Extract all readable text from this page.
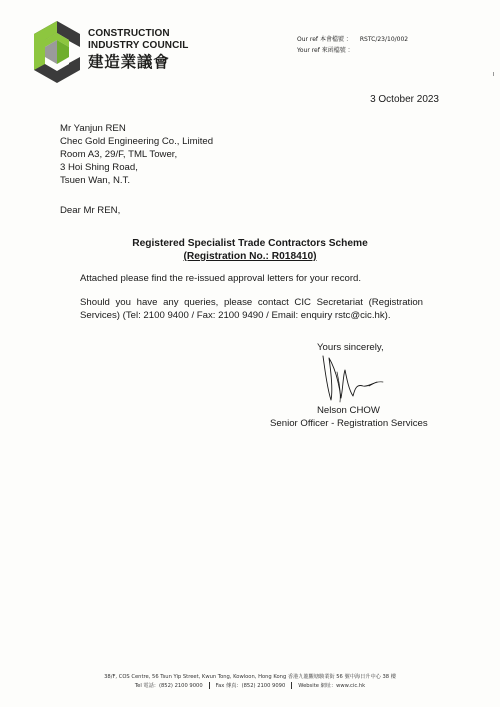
CONSTRUCTION
INDUSTRY COUNCIL
建造業議會
Our ref 本會檔號 ： RSTC/23/10/002
Your ref 來函檔號 ：
3 October 2023
Mr Yanjun REN
Chec Gold Engineering Co., Limited
Room A3, 29/F, TML Tower,
3 Hoi Shing Road,
Tsuen Wan, N.T.
Dear Mr REN,
Registered Specialist Trade Contractors Scheme
(Registration No.: R018410)
Attached please find the re-issued approval letters for your record.
Should you have any queries, please contact CIC Secretariat (Registration Services) (Tel: 2100 9400 / Fax: 2100 9490 / Email: enquiry rstc@cic.hk).
Yours sincerely,
Nelson CHOW
Senior Officer - Registration Services
38/F, COS Centre, 56 Tsun Yip Street, Kwun Tong, Kowloon, Hong Kong 香港九龍觀塘駿業街 56 號中海日升中心 38 樓
Tel 電話：(852) 2100 9000	Fax 傳真：(852) 2100 9090	Website 網址：www.cic.hk
